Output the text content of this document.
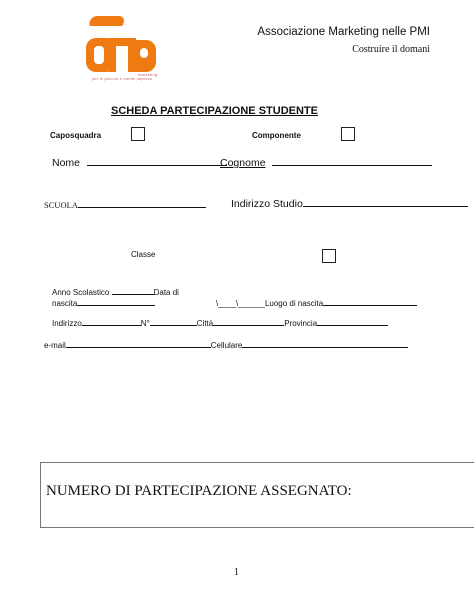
marketing
per le piccole e medie imprese
Associazione Marketing nelle PMI
Costruire il domani
SCHEDA PARTECIPAZIONE STUDENTE
Caposquadra	Componente
Nome	Cognome
SCUOLA	Indirizzo Studio
Classe
Anno Scolastico	Data di
nascita	\____\______Luogo di nascita
Indirizzo	N°	Città	Provincia
e-mail	Cellulare
NUMERO DI PARTECIPAZIONE ASSEGNATO:
1
